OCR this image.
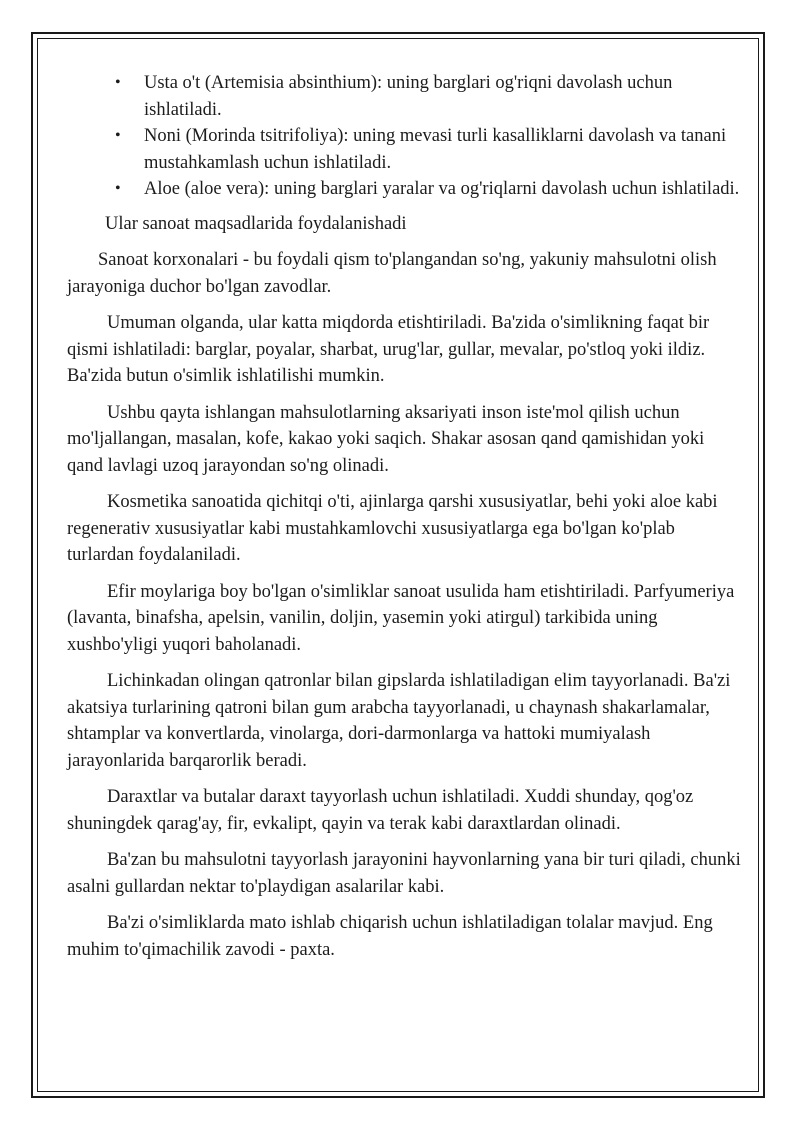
• Usta o't (Artemisia absinthium): uning barglari og'riqni davolash uchun ishlatiladi.
• Noni (Morinda tsitrifoliya): uning mevasi turli kasalliklarni davolash va tanani mustahkamlash uchun ishlatiladi.
• Aloe (aloe vera): uning barglari yaralar va og'riqlarni davolash uchun ishlatiladi.

Ular sanoat maqsadlarida foydalanishadi

Sanoat korxonalari - bu foydali qism to'plangandan so'ng, yakuniy mahsulotni olish jarayoniga duchor bo'lgan zavodlar.

Umuman olganda, ular katta miqdorda etishtiriladi. Ba'zida o'simlikning faqat bir qismi ishlatiladi: barglar, poyalar, sharbat, urug'lar, gullar, mevalar, po'stloq yoki ildiz. Ba'zida butun o'simlik ishlatilishi mumkin.

Ushbu qayta ishlangan mahsulotlarning aksariyati inson iste'mol qilish uchun mo'ljallangan, masalan, kofe, kakao yoki saqich. Shakar asosan qand qamishidan yoki qand lavlagi uzoq jarayondan so'ng olinadi.

Kosmetika sanoatida qichitqi o'ti, ajinlarga qarshi xususiyatlar, behi yoki aloe kabi regenerativ xususiyatlar kabi mustahkamlovchi xususiyatlarga ega bo'lgan ko'plab turlardan foydalaniladi.

Efir moylariga boy bo'lgan o'simliklar sanoat usulida ham etishtiriladi. Parfyumeriya (lavanta, binafsha, apelsin, vanilin, doljin, yasemin yoki atirgul) tarkibida uning xushbo'yligi yuqori baholanadi.

Lichinkadan olingan qatronlar bilan gipslarda ishlatiladigan elim tayyorlanadi. Ba'zi akatsiya turlarining qatroni bilan gum arabcha tayyorlanadi, u chaynash shakarlamalar, shtamplar va konvertlarda, vinolarga, dori-darmonlarga va hattoki mumiyalash jarayonlarida barqarorlik beradi.

Daraxtlar va butalar daraxt tayyorlash uchun ishlatiladi. Xuddi shunday, qog'oz shuningdek qarag'ay, fir, evkalipt, qayin va terak kabi daraxtlardan olinadi.

Ba'zan bu mahsulotni tayyorlash jarayonini hayvonlarning yana bir turi qiladi, chunki asalni gullardan nektar to'playdigan asalarilar kabi.

Ba'zi o'simliklarda mato ishlab chiqarish uchun ishlatiladigan tolalar mavjud. Eng muhim to'qimachilik zavodi - paxta.
